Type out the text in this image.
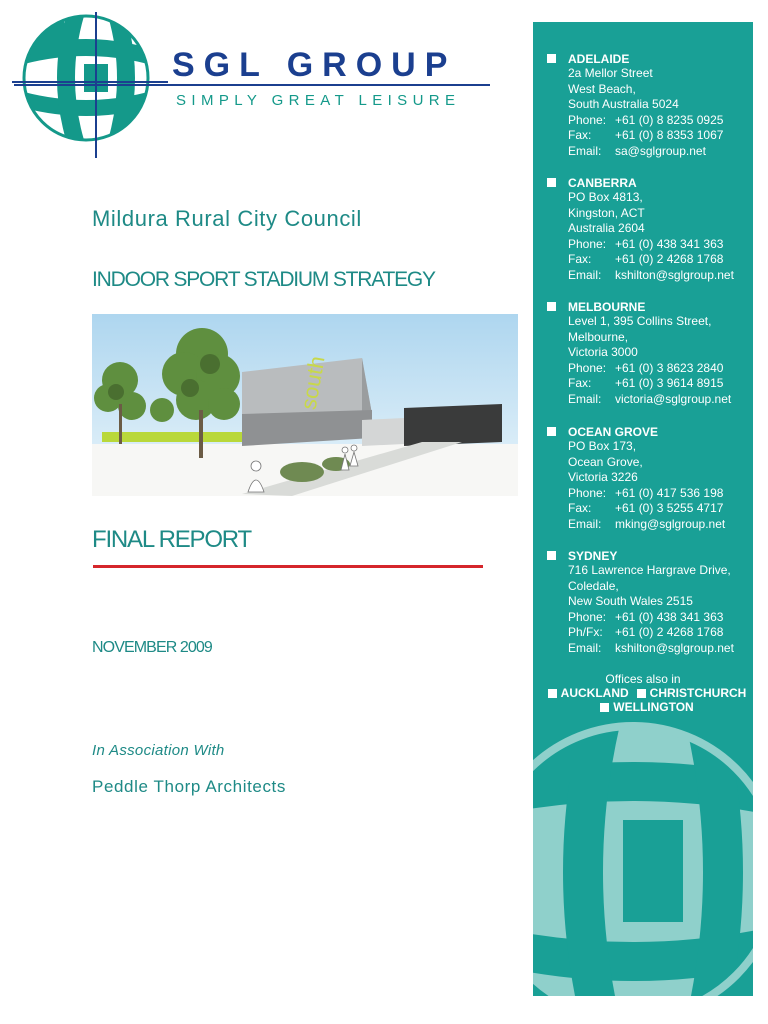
SGL GROUP
SIMPLY GREAT LEISURE
Mildura Rural City Council
INDOOR SPORT STADIUM STRATEGY
south
FINAL REPORT
NOVEMBER 2009
In Association With
Peddle Thorp Architects
ADELAIDE
2a Mellor Street
West Beach,
South Australia 5024
Phone: +61 (0) 8 8235 0925
Fax:	+61 (0) 8 8353 1067
Email:	sa@sglgroup.net
CANBERRA
PO Box 4813,
Kingston, ACT
Australia 2604
Phone: +61 (0) 438 341 363
Fax:	+61 (0) 2 4268 1768
Email:	kshilton@sglgroup.net
MELBOURNE
Level 1, 395 Collins Street,
Melbourne,
Victoria 3000
Phone: +61 (0) 3 8623 2840
Fax:	+61 (0) 3 9614 8915
Email:	victoria@sglgroup.net
OCEAN GROVE
PO Box 173,
Ocean Grove,
Victoria 3226
Phone: +61 (0) 417 536 198
Fax:	+61 (0) 3 5255 4717
Email:	mking@sglgroup.net
SYDNEY
716 Lawrence Hargrave Drive,
Coledale,
New South Wales 2515
Phone: +61 (0) 438 341 363
Ph/Fx:	+61 (0) 2 4268 1768
Email:	kshilton@sglgroup.net
Offices also in
AUCKLAND CHRISTCHURCH
WELLINGTON
